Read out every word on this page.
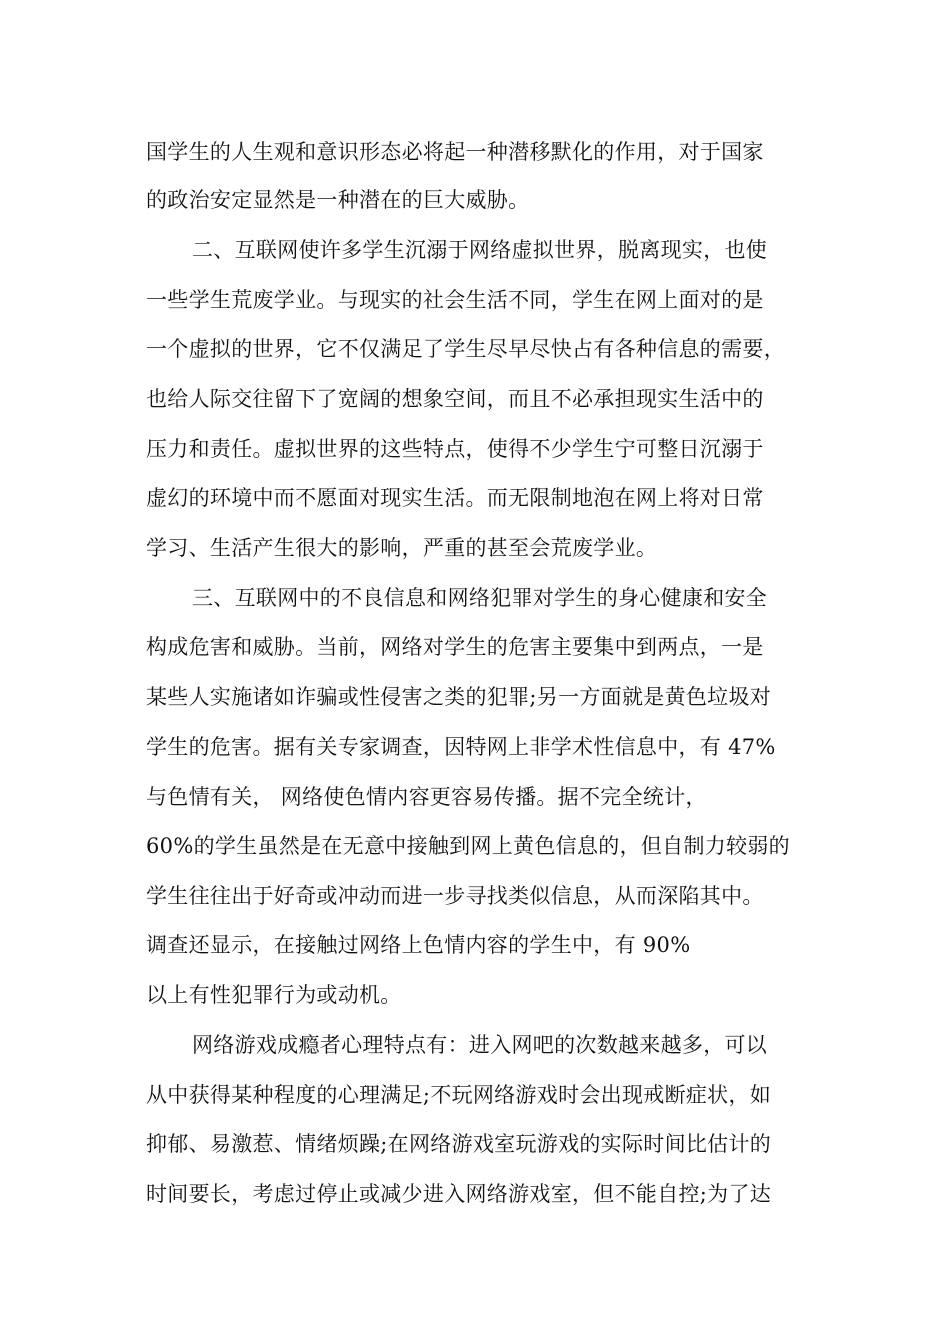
国学生的人生观和意识形态必将起一种潜移默化的作用，对于国家
的政治安定显然是一种潜在的巨大威胁。
二、互联网使许多学生沉溺于网络虚拟世界，脱离现实，也使
一些学生荒废学业。与现实的社会生活不同，学生在网上面对的是
一个虚拟的世界，它不仅满足了学生尽早尽快占有各种信息的需要，
也给人际交往留下了宽阔的想象空间，而且不必承担现实生活中的
压力和责任。虚拟世界的这些特点，使得不少学生宁可整日沉溺于
虚幻的环境中而不愿面对现实生活。而无限制地泡在网上将对日常
学习、生活产生很大的影响，严重的甚至会荒废学业。
三、互联网中的不良信息和网络犯罪对学生的身心健康和安全
构成危害和威胁。当前，网络对学生的危害主要集中到两点，一是
某些人实施诸如诈骗或性侵害之类的犯罪;另一方面就是黄色垃圾对
学生的危害。据有关专家调查，因特网上非学术性信息中，有 47%
与色情有关， 网络使色情内容更容易传播。据不完全统计，
60%的学生虽然是在无意中接触到网上黄色信息的，但自制力较弱的
学生往往出于好奇或冲动而进一步寻找类似信息，从而深陷其中。
调查还显示，在接触过网络上色情内容的学生中，有 90%
以上有性犯罪行为或动机。
网络游戏成瘾者心理特点有：进入网吧的次数越来越多，可以
从中获得某种程度的心理满足;不玩网络游戏时会出现戒断症状，如
抑郁、易激惹、情绪烦躁;在网络游戏室玩游戏的实际时间比估计的
时间要长，考虑过停止或减少进入网络游戏室，但不能自控;为了达
